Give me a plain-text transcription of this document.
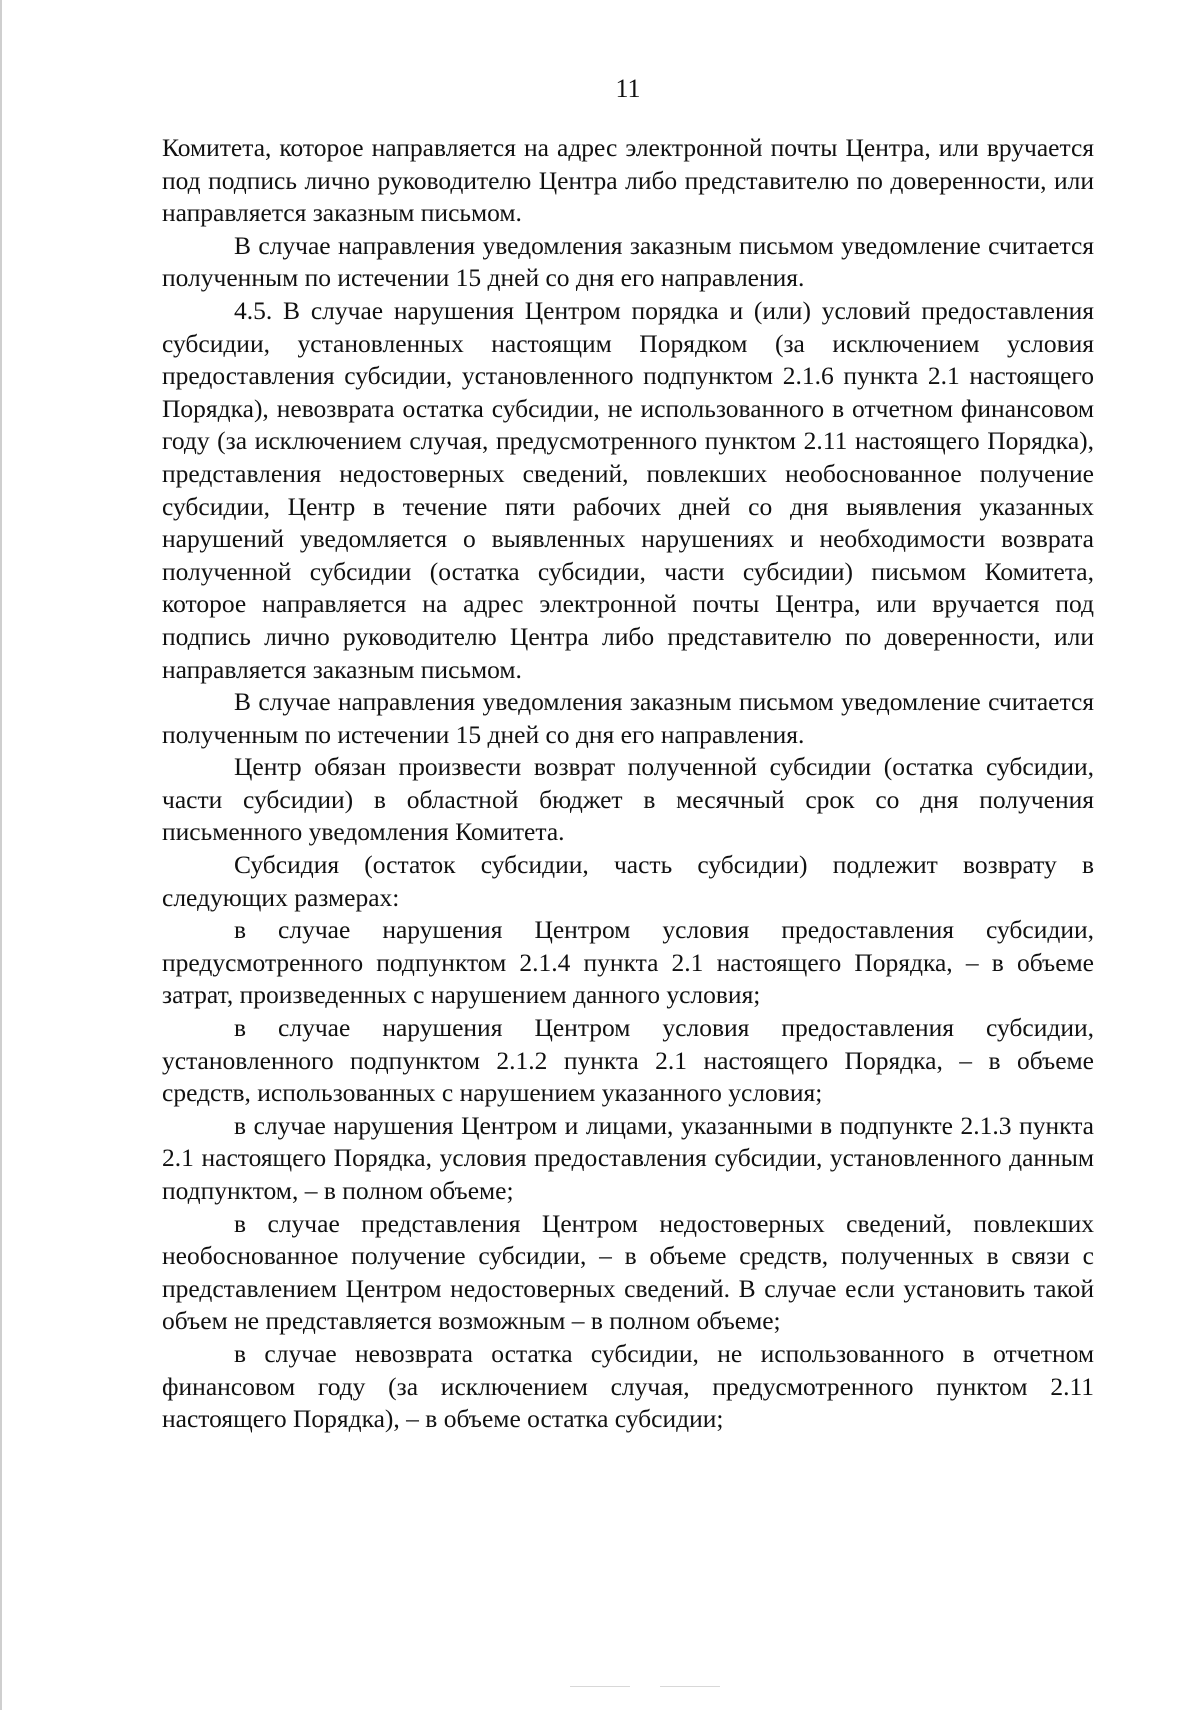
11

Комитета, которое направляется на адрес электронной почты Центра, или вручается под подпись лично руководителю Центра либо представителю по доверенности, или направляется заказным письмом.

В случае направления уведомления заказным письмом уведомление считается полученным по истечении 15 дней со дня его направления.

4.5. В случае нарушения Центром порядка и (или) условий предоставления субсидии, установленных настоящим Порядком (за исключением условия предоставления субсидии, установленного подпунктом 2.1.6 пункта 2.1 настоящего Порядка), невозврата остатка субсидии, не использованного в отчетном финансовом году (за исключением случая, предусмотренного пунктом 2.11 настоящего Порядка), представления недостоверных сведений, повлекших необоснованное получение субсидии, Центр в течение пяти рабочих дней со дня выявления указанных нарушений уведомляется о выявленных нарушениях и необходимости возврата полученной субсидии (остатка субсидии, части субсидии) письмом Комитета, которое направляется на адрес электронной почты Центра, или вручается под подпись лично руководителю Центра либо представителю по доверенности, или направляется заказным письмом.

В случае направления уведомления заказным письмом уведомление считается полученным по истечении 15 дней со дня его направления.

Центр обязан произвести возврат полученной субсидии (остатка субсидии, части субсидии) в областной бюджет в месячный срок со дня получения письменного уведомления Комитета.

Субсидия (остаток субсидии, часть субсидии) подлежит возврату в следующих размерах:

в случае нарушения Центром условия предоставления субсидии, предусмотренного подпунктом 2.1.4 пункта 2.1 настоящего Порядка, – в объеме затрат, произведенных с нарушением данного условия;

в случае нарушения Центром условия предоставления субсидии, установленного подпунктом 2.1.2 пункта 2.1 настоящего Порядка, – в объеме средств, использованных с нарушением указанного условия;

в случае нарушения Центром и лицами, указанными в подпункте 2.1.3 пункта 2.1 настоящего Порядка, условия предоставления субсидии, установленного данным подпунктом, – в полном объеме;

в случае представления Центром недостоверных сведений, повлекших необоснованное получение субсидии, – в объеме средств, полученных в связи с представлением Центром недостоверных сведений. В случае если установить такой объем не представляется возможным – в полном объеме;

в случае невозврата остатка субсидии, не использованного в отчетном финансовом году (за исключением случая, предусмотренного пунктом 2.11 настоящего Порядка), – в объеме остатка субсидии;
